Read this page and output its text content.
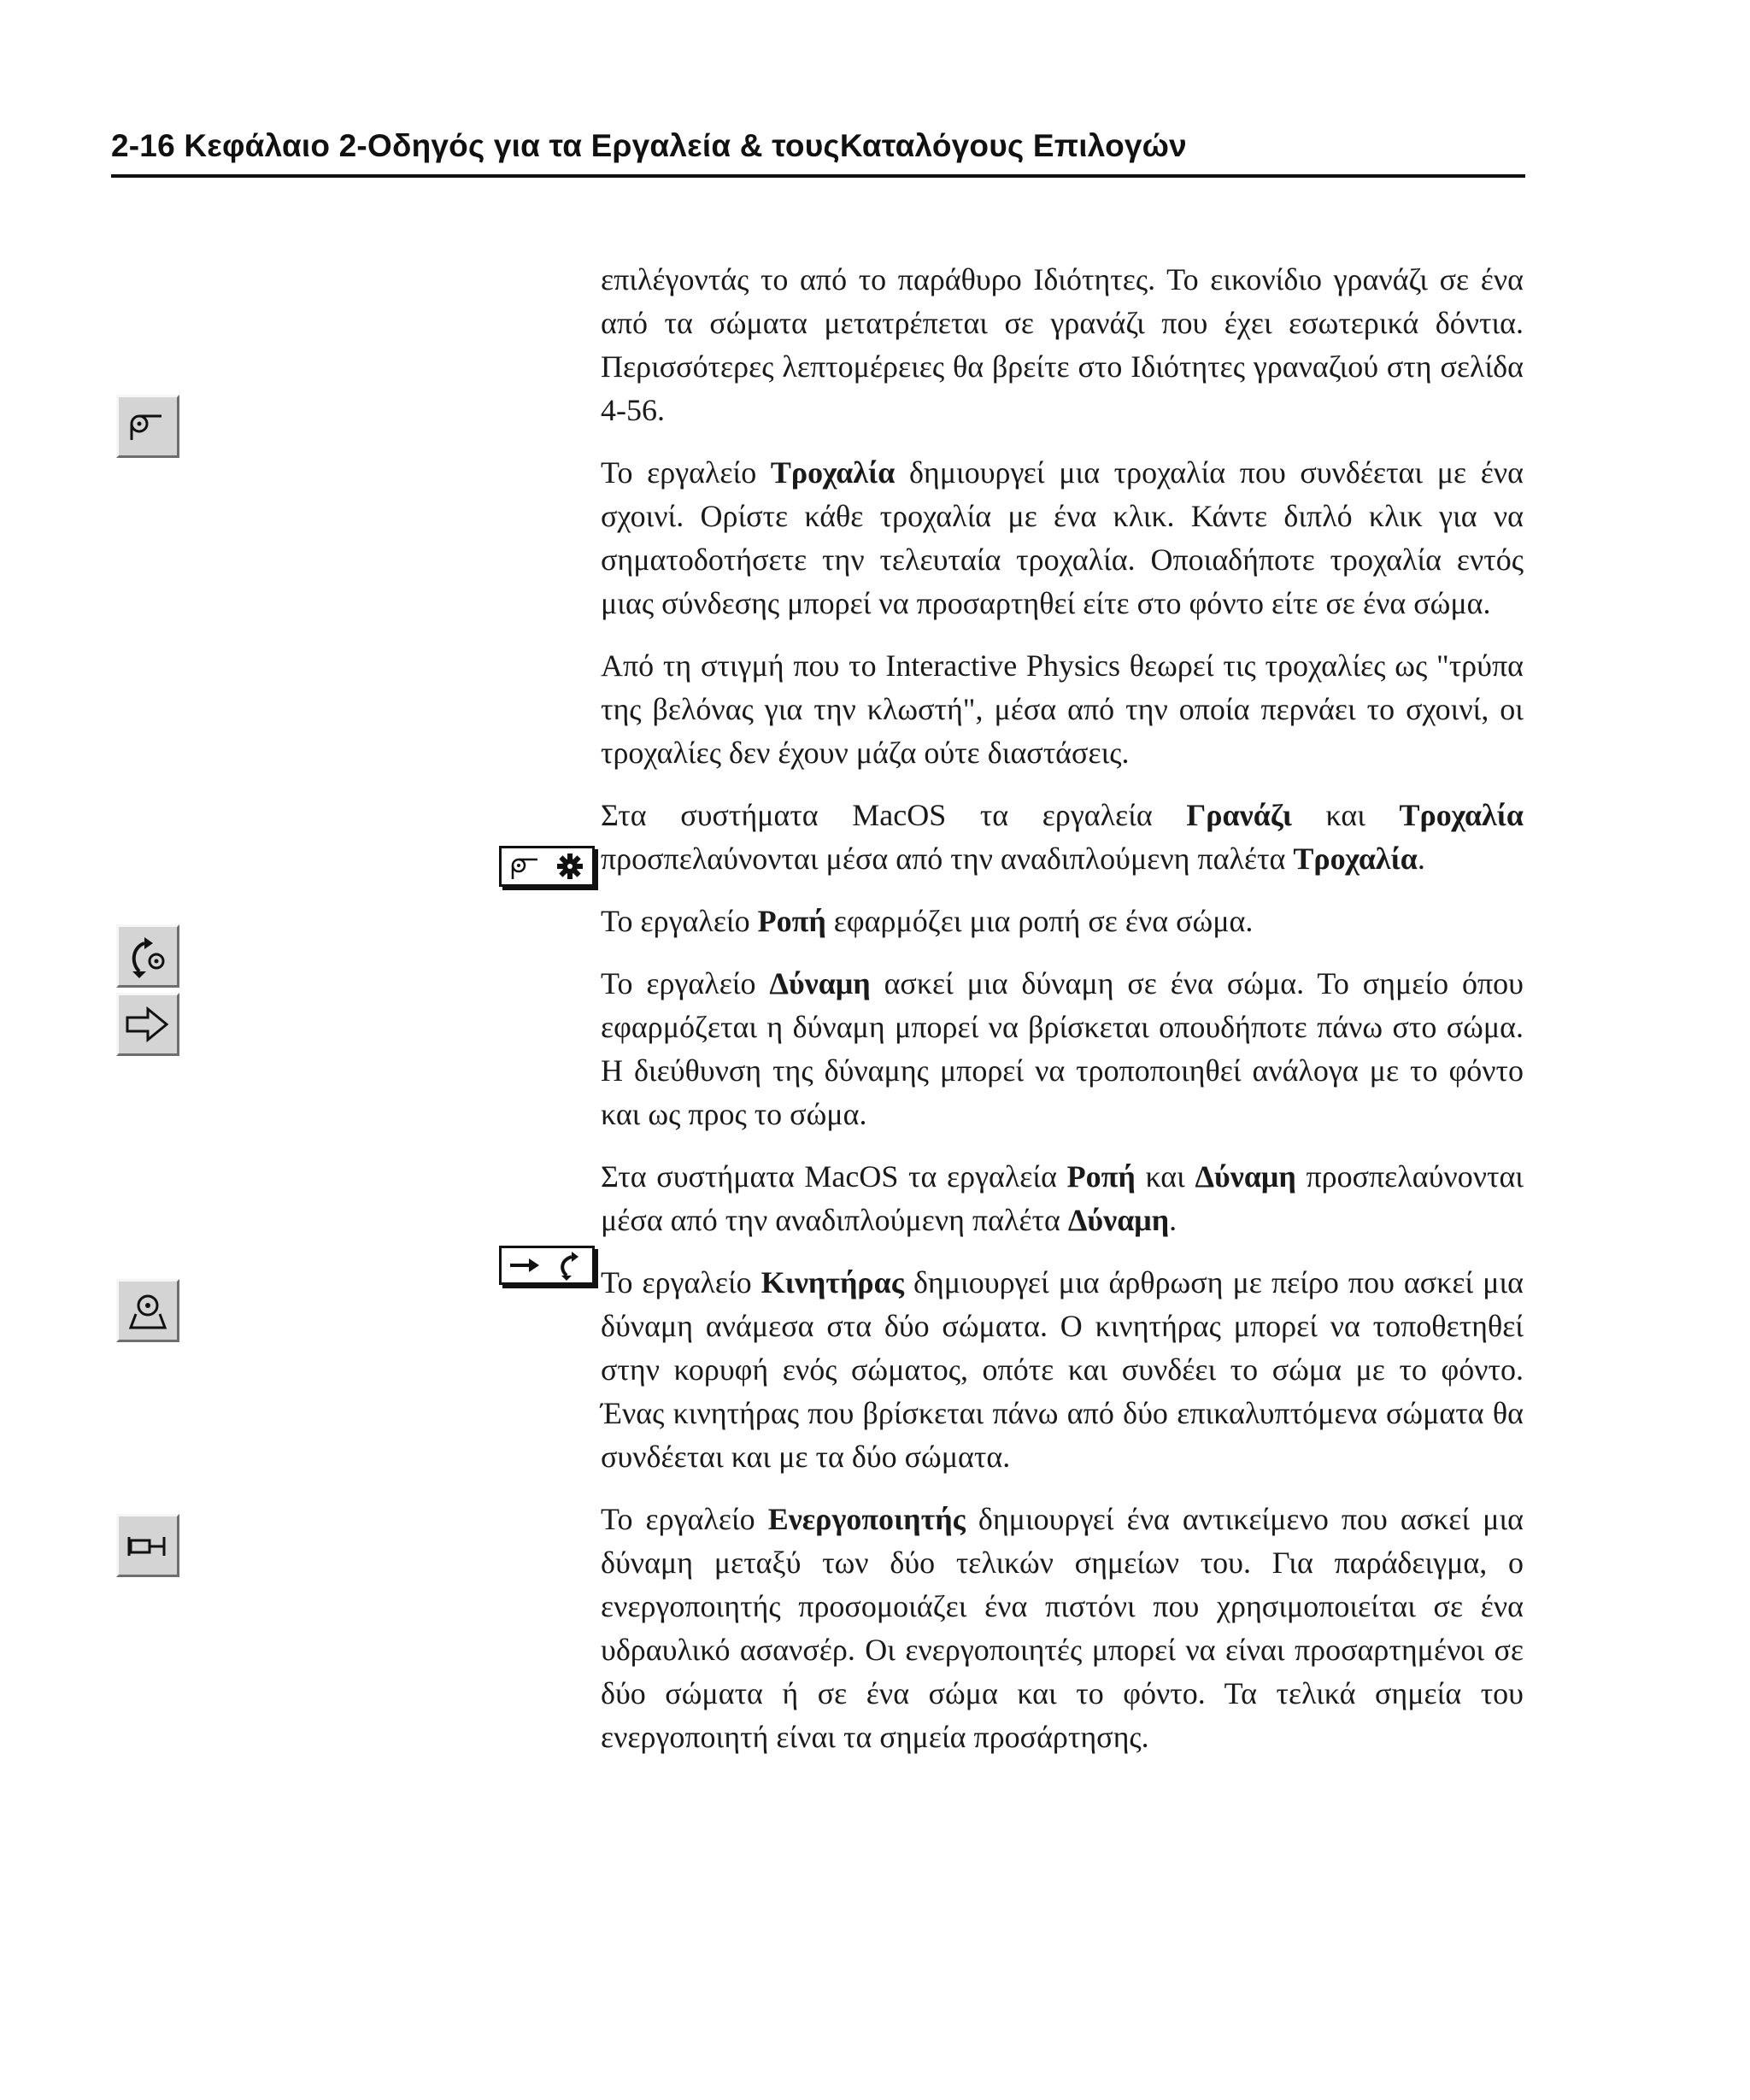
2-16 Κεφάλαιο 2-Οδηγός για τα Εργαλεία & τουςΚαταλόγους Επιλογών

επιλέγοντάς το από το παράθυρο Ιδιότητες. Το εικονίδιο γρανάζι σε ένα από τα σώματα μετατρέπεται σε γρανάζι που έχει εσωτερικά δόντια. Περισσότερες λεπτομέρειες θα βρείτε στο Ιδιότητες γραναζιού στη σελίδα 4-56.

Το εργαλείο Τροχαλία δημιουργεί μια τροχαλία που συνδέεται με ένα σχοινί. Ορίστε κάθε τροχαλία με ένα κλικ. Κάντε διπλό κλικ για να σηματοδοτήσετε την τελευταία τροχαλία. Οποιαδήποτε τροχαλία εντός μιας σύνδεσης μπορεί να προσαρτηθεί είτε στο φόντο είτε σε ένα σώμα.

Από τη στιγμή που το Interactive Physics θεωρεί τις τροχαλίες ως "τρύπα της βελόνας για την κλωστή", μέσα από την οποία περνάει το σχοινί, οι τροχαλίες δεν έχουν μάζα ούτε διαστάσεις.

Στα συστήματα MacOS τα εργαλεία Γρανάζι και Τροχαλία προσπελαύνονται μέσα από την αναδιπλούμενη παλέτα Τροχαλία.

Το εργαλείο Ροπή εφαρμόζει μια ροπή σε ένα σώμα.

Το εργαλείο Δύναμη ασκεί μια δύναμη σε ένα σώμα. Το σημείο όπου εφαρμόζεται η δύναμη μπορεί να βρίσκεται οπουδήποτε πάνω στο σώμα. Η διεύθυνση της δύναμης μπορεί να τροποποιηθεί ανάλογα με το φόντο και ως προς το σώμα.

Στα συστήματα MacOS τα εργαλεία Ροπή και Δύναμη προσπελαύνονται μέσα από την αναδιπλούμενη παλέτα Δύναμη.

Το εργαλείο Κινητήρας δημιουργεί μια άρθρωση με πείρο που ασκεί μια δύναμη ανάμεσα στα δύο σώματα. Ο κινητήρας μπορεί να τοποθετηθεί στην κορυφή ενός σώματος, οπότε και συνδέει το σώμα με το φόντο. Ένας κινητήρας που βρίσκεται πάνω από δύο επικαλυπτόμενα σώματα θα συνδέεται και με τα δύο σώματα.

Το εργαλείο Ενεργοποιητής δημιουργεί ένα αντικείμενο που ασκεί μια δύναμη μεταξύ των δύο τελικών σημείων του. Για παράδειγμα, ο ενεργοποιητής προσομοιάζει ένα πιστόνι που χρησιμοποιείται σε ένα υδραυλικό ασανσέρ. Οι ενεργοποιητές μπορεί να είναι προσαρτημένοι σε δύο σώματα ή σε ένα σώμα και το φόντο. Τα τελικά σημεία του ενεργοποιητή είναι τα σημεία προσάρτησης.
